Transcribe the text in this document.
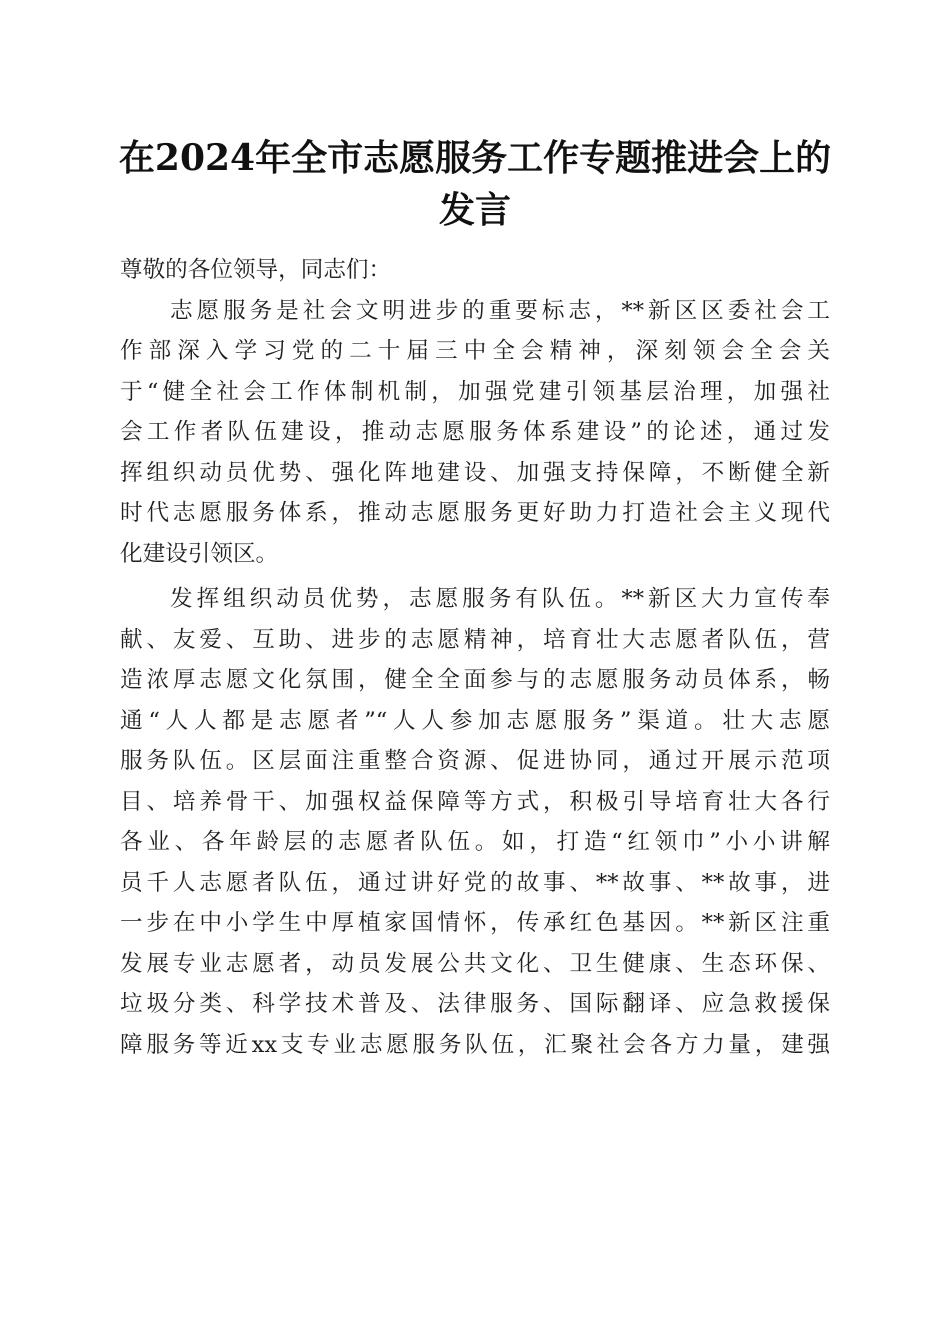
在2024年全市志愿服务工作专题推进会上的
发言
尊敬的各位领导，同志们：
志愿服务是社会文明进步的重要标志，**新区区委社会工
作部深入学习党的二十届三中全会精神，深刻领会全会关
于“健全社会工作体制机制，加强党建引领基层治理，加强社
会工作者队伍建设，推动志愿服务体系建设”的论述，通过发
挥组织动员优势、强化阵地建设、加强支持保障，不断健全新
时代志愿服务体系，推动志愿服务更好助力打造社会主义现代
化建设引领区。
发挥组织动员优势，志愿服务有队伍。**新区大力宣传奉
献、友爱、互助、进步的志愿精神，培育壮大志愿者队伍，营
造浓厚志愿文化氛围，健全全面参与的志愿服务动员体系，畅
通“人人都是志愿者”“人人参加志愿服务”渠道。壮大志愿
服务队伍。区层面注重整合资源、促进协同，通过开展示范项
目、培养骨干、加强权益保障等方式，积极引导培育壮大各行
各业、各年龄层的志愿者队伍。如，打造“红领巾”小小讲解
员千人志愿者队伍，通过讲好党的故事、**故事、**故事，进
一步在中小学生中厚植家国情怀，传承红色基因。**新区注重
发展专业志愿者，动员发展公共文化、卫生健康、生态环保、
垃圾分类、科学技术普及、法律服务、国际翻译、应急救援保
障服务等近xx支专业志愿服务队伍，汇聚社会各方力量，建强
